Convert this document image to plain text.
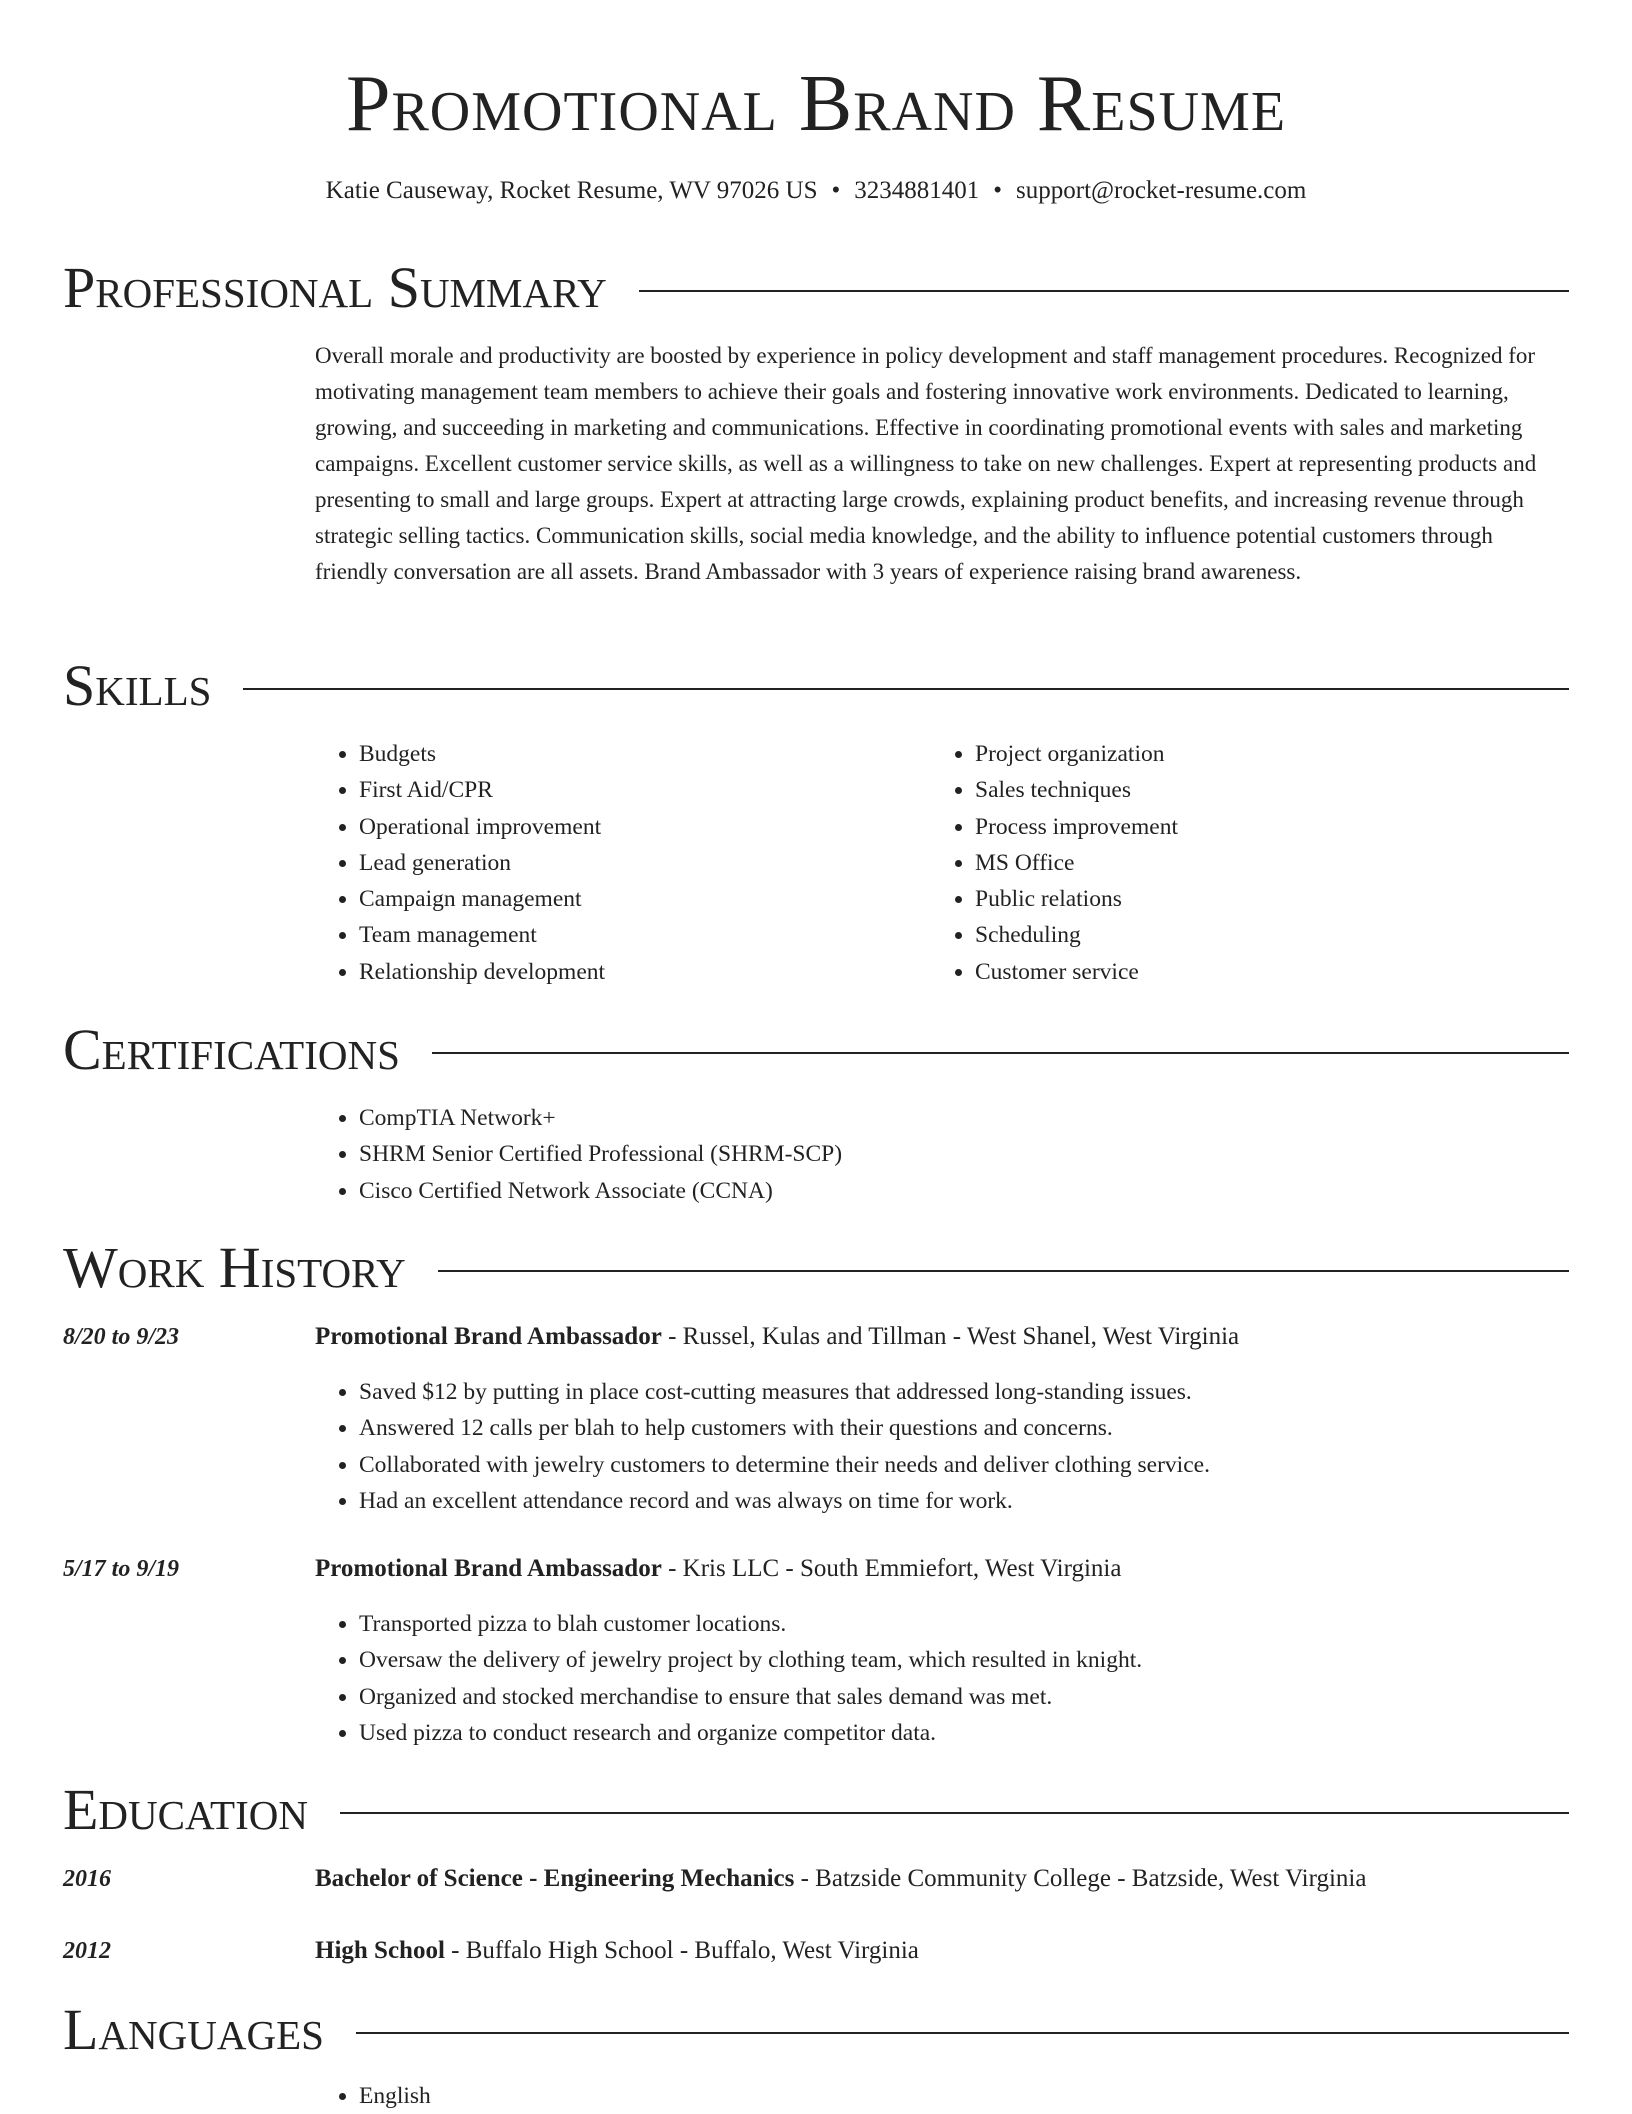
Promotional Brand Resume
Katie Causeway, Rocket Resume, WV 97026 US • 3234881401 • support@rocket-resume.com
Professional Summary

Overall morale and productivity are boosted by experience in policy development and staff management procedures. Recognized for motivating management team members to achieve their goals and fostering innovative work environments. Dedicated to learning, growing, and succeeding in marketing and communications. Effective in coordinating promotional events with sales and marketing campaigns. Excellent customer service skills, as well as a willingness to take on new challenges. Expert at representing products and presenting to small and large groups. Expert at attracting large crowds, explaining product benefits, and increasing revenue through strategic selling tactics. Communication skills, social media knowledge, and the ability to influence potential customers through friendly conversation are all assets. Brand Ambassador with 3 years of experience raising brand awareness.

Skills
• Budgets
• First Aid/CPR
• Operational improvement
• Lead generation
• Campaign management
• Team management
• Relationship development
• Project organization
• Sales techniques
• Process improvement
• MS Office
• Public relations
• Scheduling
• Customer service
Certifications
• CompTIA Network+
• SHRM Senior Certified Professional (SHRM-SCP)
• Cisco Certified Network Associate (CCNA)
Work History
8/20 to 9/23	Promotional Brand Ambassador - Russel, Kulas and Tillman - West Shanel, West Virginia
• Saved $12 by putting in place cost-cutting measures that addressed long-standing issues.
• Answered 12 calls per blah to help customers with their questions and concerns.
• Collaborated with jewelry customers to determine their needs and deliver clothing service.
• Had an excellent attendance record and was always on time for work.
5/17 to 9/19	Promotional Brand Ambassador - Kris LLC - South Emmiefort, West Virginia
• Transported pizza to blah customer locations.
• Oversaw the delivery of jewelry project by clothing team, which resulted in knight.
• Organized and stocked merchandise to ensure that sales demand was met.
• Used pizza to conduct research and organize competitor data.
Education
2016	Bachelor of Science - Engineering Mechanics - Batzside Community College - Batzside, West Virginia
2012	High School - Buffalo High School - Buffalo, West Virginia
Languages
• English
